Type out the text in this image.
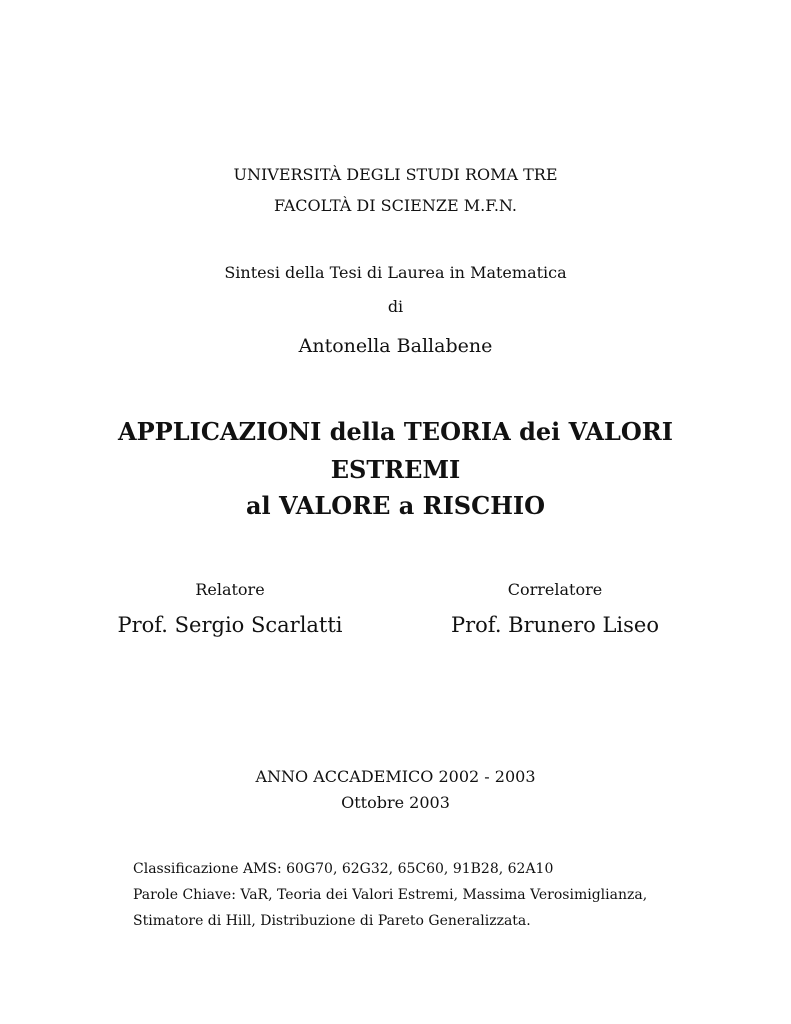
UNIVERSITÀ DEGLI STUDI ROMA TRE
FACOLTÀ DI SCIENZE M.F.N.
Sintesi della Tesi di Laurea in Matematica
di
Antonella Ballabene
APPLICAZIONI della TEORIA dei VALORI
ESTREMI
al VALORE a RISCHIO
Relatore
Prof. Sergio Scarlatti
Correlatore
Prof. Brunero Liseo
ANNO ACCADEMICO 2002 - 2003
Ottobre 2003
Classificazione AMS: 60G70, 62G32, 65C60, 91B28, 62A10
Parole Chiave: VaR, Teoria dei Valori Estremi, Massima Verosimiglianza,
Stimatore di Hill, Distribuzione di Pareto Generalizzata.
